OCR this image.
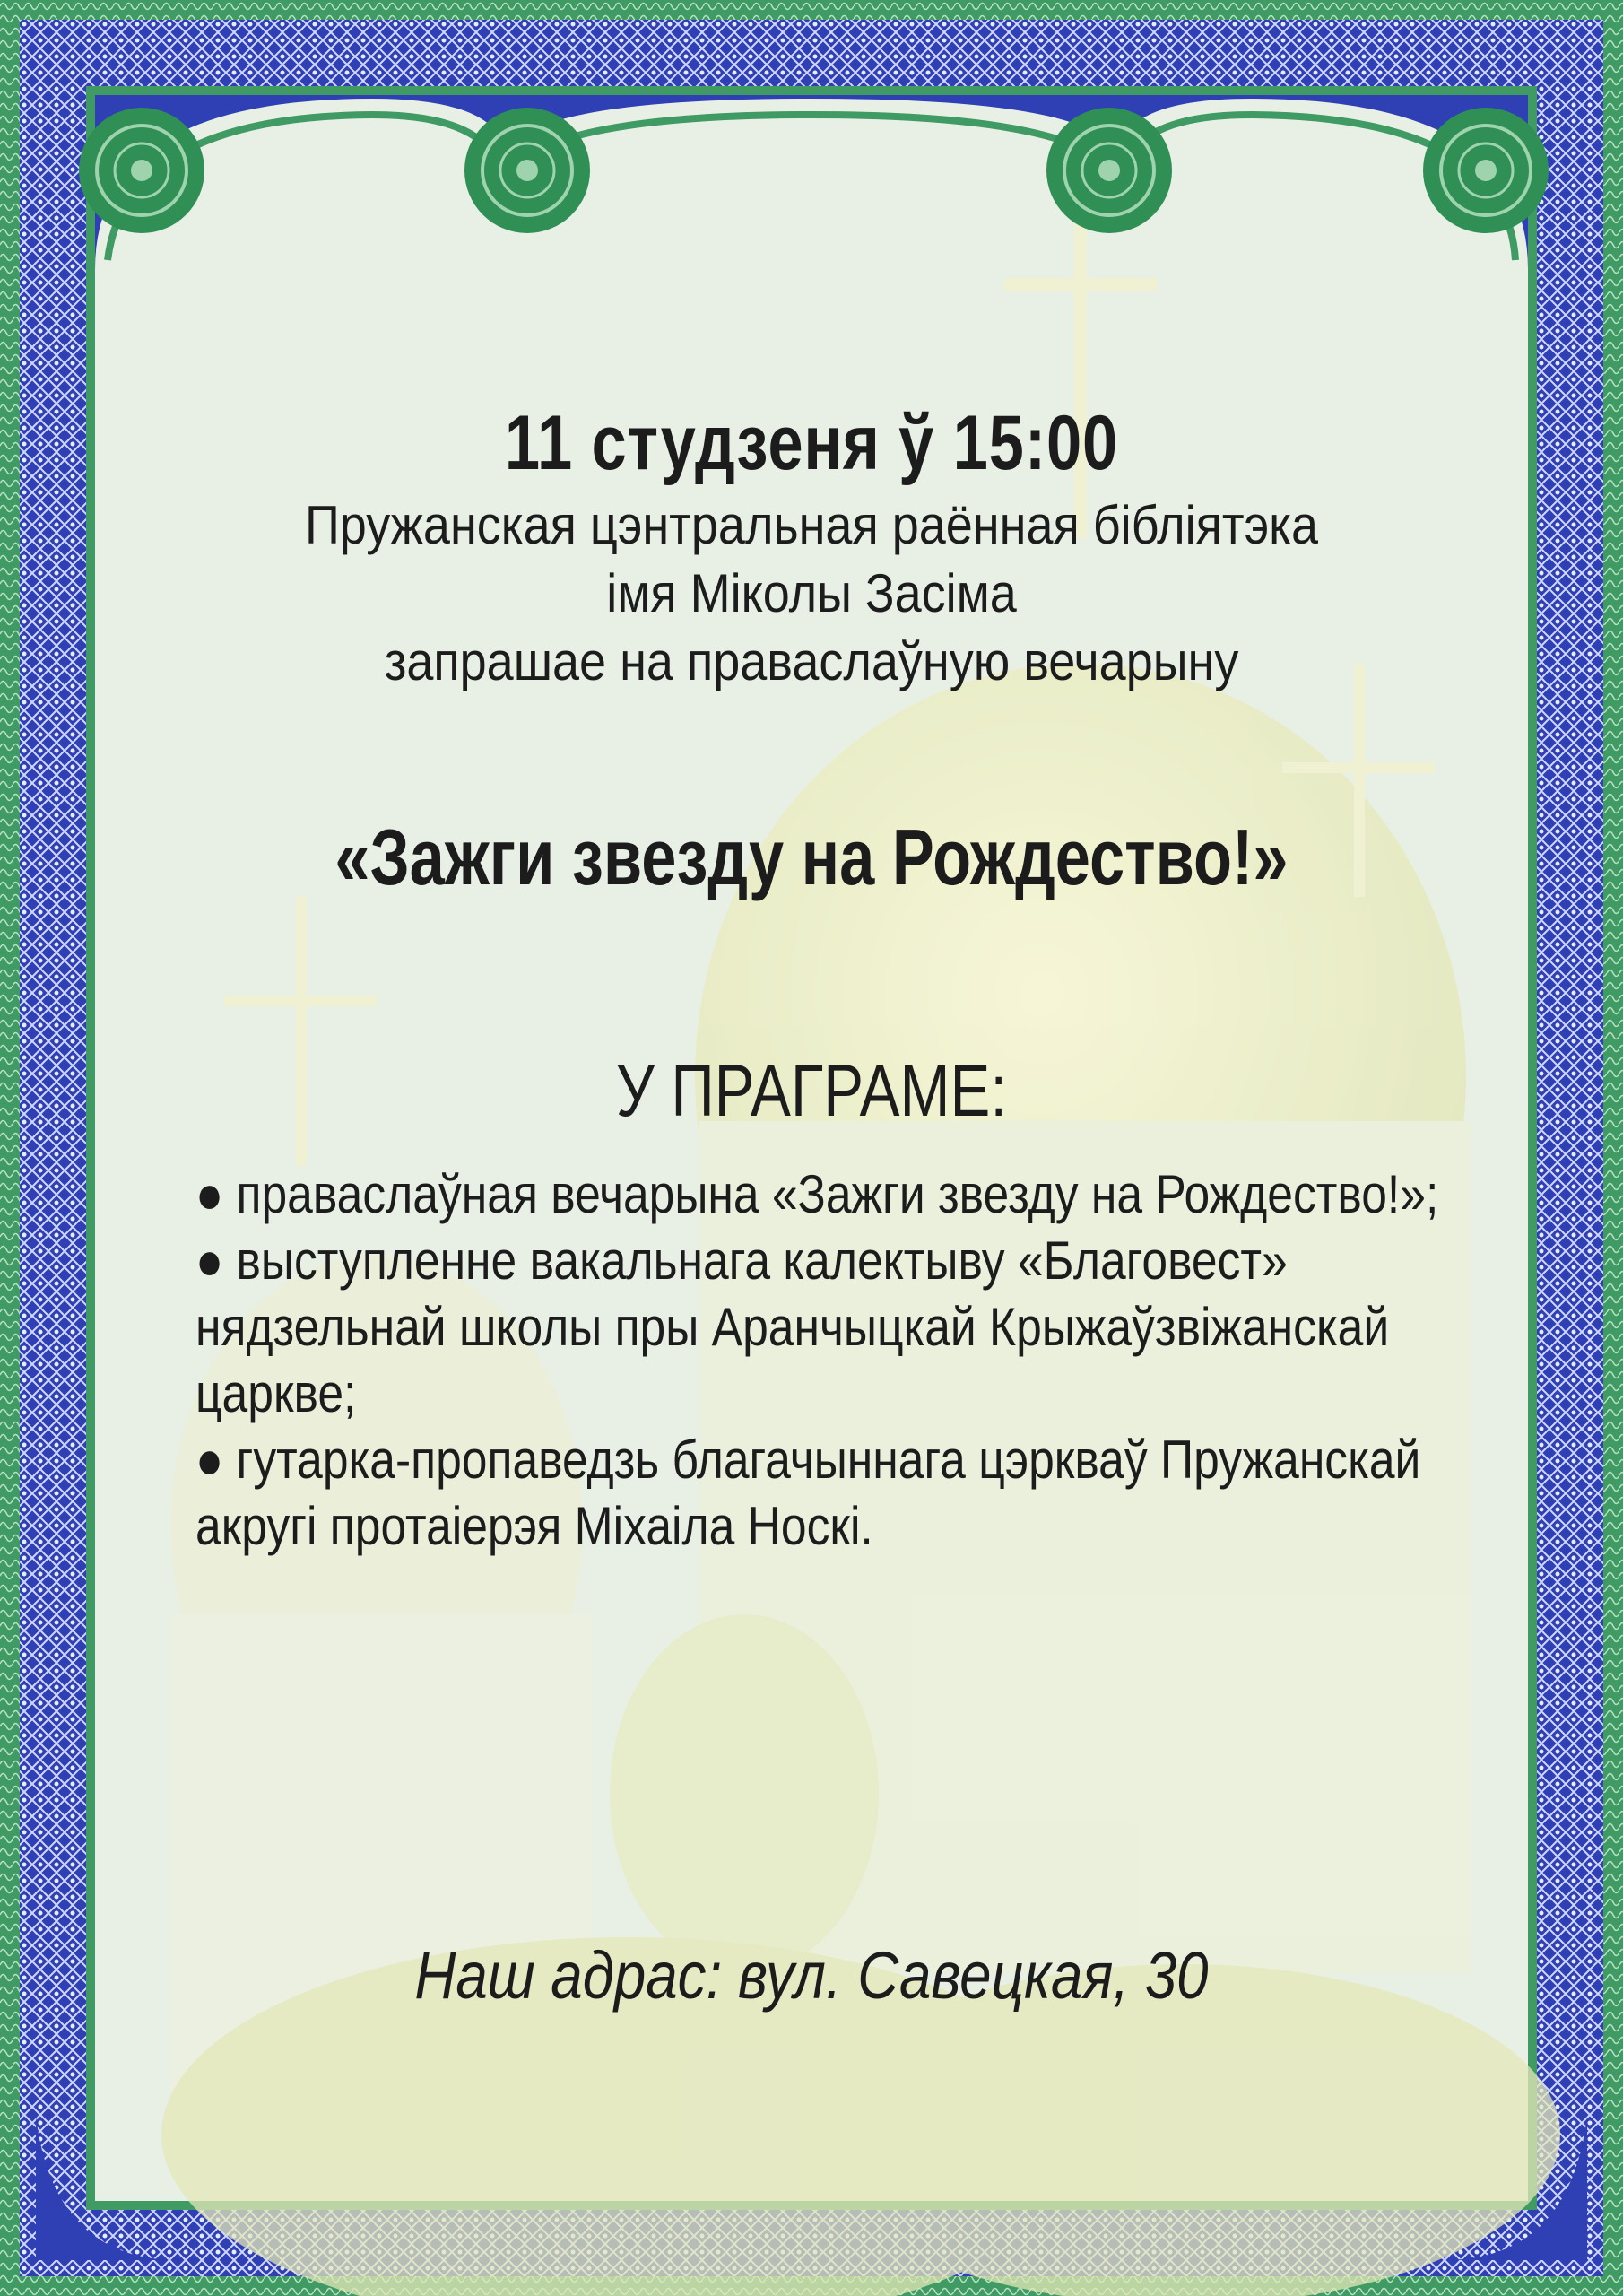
11 студзеня ў 15:00
Пружанская цэнтральная раённая бібліятэка
імя Міколы Засіма
запрашае на праваслаўную вечарыну
«Зажги звезду на Рождество!»
У ПРАГРАМЕ:

● праваслаўная вечарына «Зажги звезду на Рождество!»;

● выступленне вакальнага калектыву «Благовест» нядзельнай школы пры Аранчыцкай Крыжаўзвіжанскай царкве;

● гутарка-пропаведзь благачыннага цэркваў Пружанскай акругі протаіерэя Міхаіла Носкі.

Наш адрас: вул. Савецкая, 30
